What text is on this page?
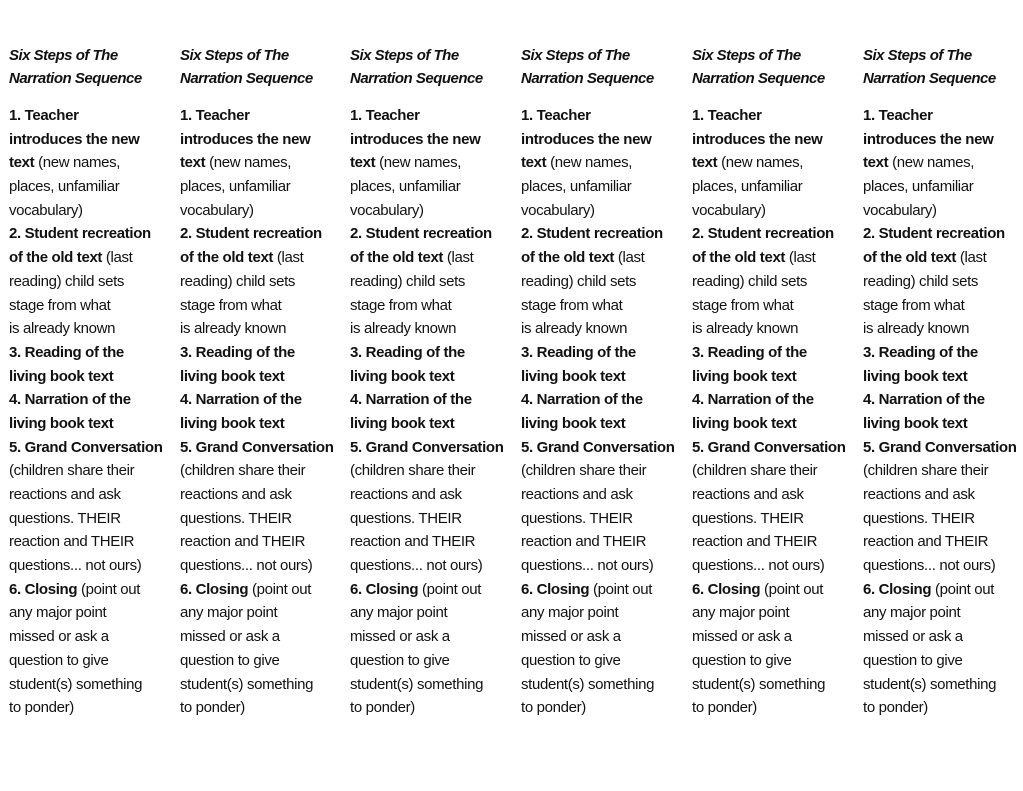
Six Steps of The
Narration Sequence
1. Teacher
introduces the new
text (new names,
places, unfamiliar
vocabulary)
2. Student recreation
of the old text (last
reading) child sets
stage from what
is already known
3. Reading of the
living book text
4. Narration of the
living book text
5. Grand Conversation
(children share their
reactions and ask
questions. THEIR
reaction and THEIR
questions... not ours)
6. Closing (point out
any major point
missed or ask a
question to give
student(s) something
to ponder)
Six Steps of The
Narration Sequence
1. Teacher
introduces the new
text (new names,
places, unfamiliar
vocabulary)
2. Student recreation
of the old text (last
reading) child sets
stage from what
is already known
3. Reading of the
living book text
4. Narration of the
living book text
5. Grand Conversation
(children share their
reactions and ask
questions. THEIR
reaction and THEIR
questions... not ours)
6. Closing (point out
any major point
missed or ask a
question to give
student(s) something
to ponder)
Six Steps of The
Narration Sequence
1. Teacher
introduces the new
text (new names,
places, unfamiliar
vocabulary)
2. Student recreation
of the old text (last
reading) child sets
stage from what
is already known
3. Reading of the
living book text
4. Narration of the
living book text
5. Grand Conversation
(children share their
reactions and ask
questions. THEIR
reaction and THEIR
questions... not ours)
6. Closing (point out
any major point
missed or ask a
question to give
student(s) something
to ponder)
Six Steps of The
Narration Sequence
1. Teacher
introduces the new
text (new names,
places, unfamiliar
vocabulary)
2. Student recreation
of the old text (last
reading) child sets
stage from what
is already known
3. Reading of the
living book text
4. Narration of the
living book text
5. Grand Conversation
(children share their
reactions and ask
questions. THEIR
reaction and THEIR
questions... not ours)
6. Closing (point out
any major point
missed or ask a
question to give
student(s) something
to ponder)
Six Steps of The
Narration Sequence
1. Teacher
introduces the new
text (new names,
places, unfamiliar
vocabulary)
2. Student recreation
of the old text (last
reading) child sets
stage from what
is already known
3. Reading of the
living book text
4. Narration of the
living book text
5. Grand Conversation
(children share their
reactions and ask
questions. THEIR
reaction and THEIR
questions... not ours)
6. Closing (point out
any major point
missed or ask a
question to give
student(s) something
to ponder)
Six Steps of The
Narration Sequence
1. Teacher
introduces the new
text (new names,
places, unfamiliar
vocabulary)
2. Student recreation
of the old text (last
reading) child sets
stage from what
is already known
3. Reading of the
living book text
4. Narration of the
living book text
5. Grand Conversation
(children share their
reactions and ask
questions. THEIR
reaction and THEIR
questions... not ours)
6. Closing (point out
any major point
missed or ask a
question to give
student(s) something
to ponder)
